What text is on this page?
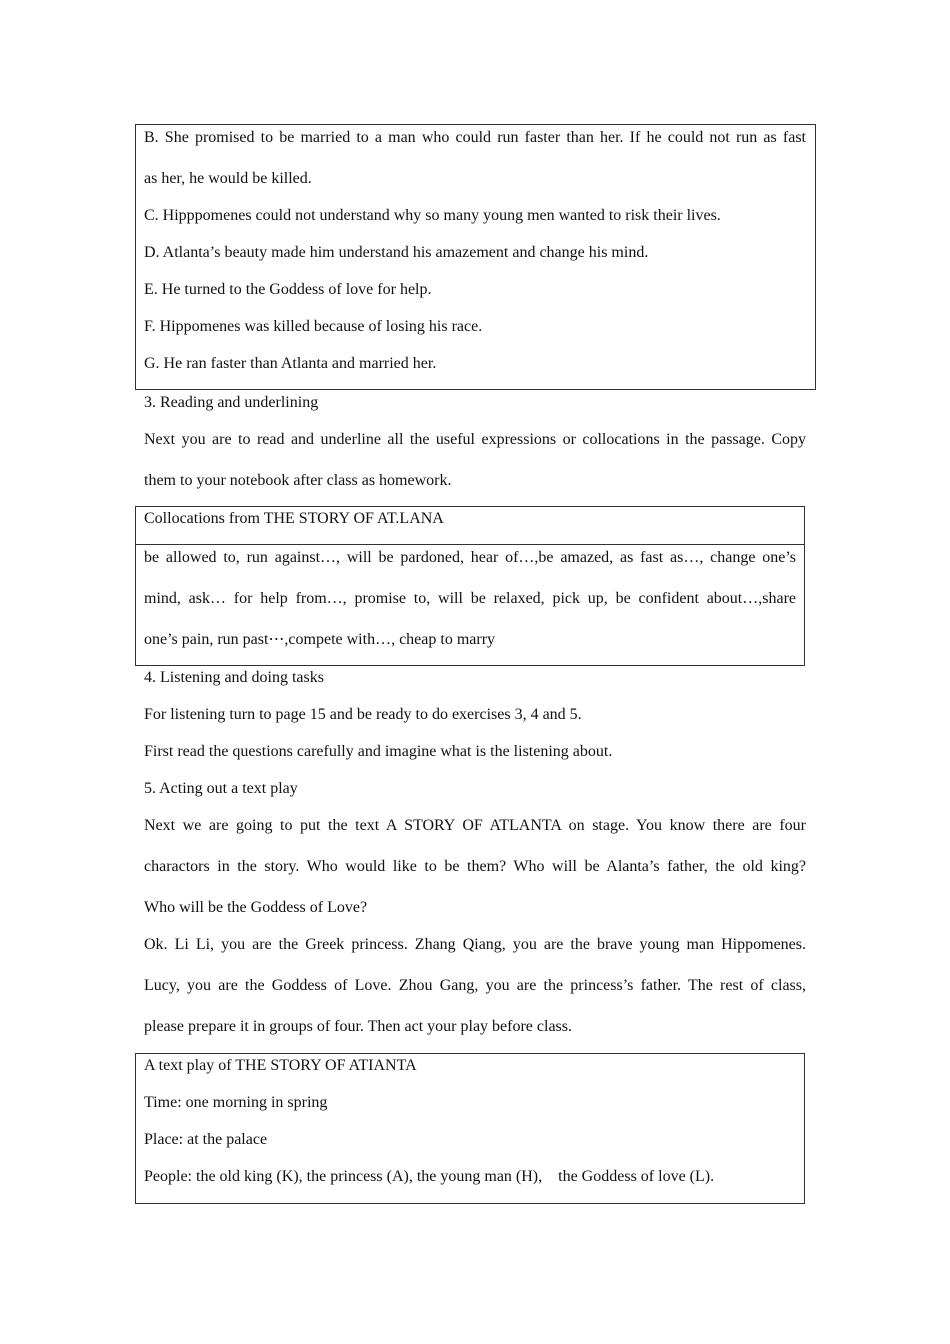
B. She promised to be married to a man who could run faster than her. If he could not run as fast
as her, he would be killed.
C. Hipppomenes could not understand why so many young men wanted to risk their lives.
D. Atlanta’s beauty made him understand his amazement and change his mind.
E. He turned to the Goddess of love for help.
F. Hippomenes was killed because of losing his race.
G. He ran faster than Atlanta and married her.
3. Reading and underlining
Next you are to read and underline all the useful expressions or collocations in the passage. Copy
them to your notebook after class as homework.
Collocations from THE STORY OF AT.LANA
be allowed to, run against…, will be pardoned, hear of…,be amazed, as fast as…, change one’s
mind, ask… for help from…, promise to, will be relaxed, pick up, be confident about…,share
one’s pain, run past⋯,compete with…, cheap to marry
4. Listening and doing tasks
For listening turn to page 15 and be ready to do exercises 3, 4 and 5.
First read the questions carefully and imagine what is the listening about.
5. Acting out a text play
Next we are going to put the text A STORY OF ATLANTA on stage. You know there are four
charactors in the story. Who would like to be them? Who will be Alanta’s father, the old king?
Who will be the Goddess of Love?
Ok. Li Li, you are the Greek princess. Zhang Qiang, you are the brave young man Hippomenes.
Lucy, you are the Goddess of Love. Zhou Gang, you are the princess’s father. The rest of class,
please prepare it in groups of four. Then act your play before class.
A text play of THE STORY OF ATIANTA
Time: one morning in spring
Place: at the palace
People: the old king (K), the princess (A), the young man (H),    the Goddess of love (L).
